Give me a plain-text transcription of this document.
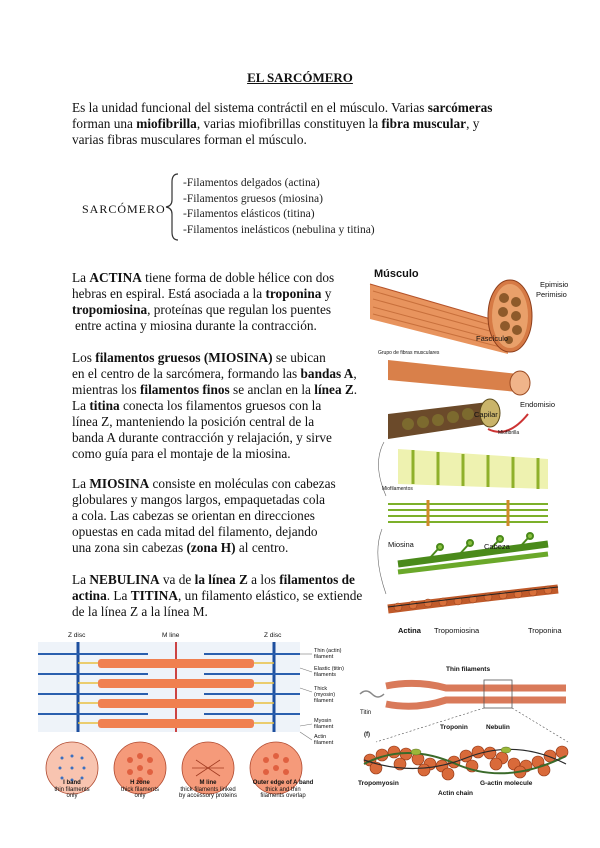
EL SARCÓMERO
Es la unidad funcional del sistema contráctil en el músculo. Varias sarcómeras
forman una miofibrilla, varias miofibrillas constituyen la fibra muscular, y
varias fibras musculares forman el músculo.
SARCÓMERO
-Filamentos delgados (actina)
-Filamentos gruesos (miosina)
-Filamentos elásticos (titina)
-Filamentos inelásticos (nebulina y titina)
La ACTINA tiene forma de doble hélice con dos
hebras en espiral. Está asociada a la troponina y
tropomiosina, proteínas que regulan los puentes
entre actina y miosina durante la contracción.
Los filamentos gruesos (MIOSINA) se ubican
en el centro de la sarcómera, formando las bandas A,
mientras los filamentos finos se anclan en la línea Z.
La titina conecta los filamentos gruesos con la
línea Z, manteniendo la posición central de la
banda A durante contracción y relajación, y sirve
como guía para el montaje de la miosina.
La MIOSINA consiste en moléculas con cabezas
globulares y mangos largos, empaquetadas cola
a cola. Las cabezas se orientan en direcciones
opuestas en cada mitad del filamento, dejando
una zona sin cabezas (zona H) al centro.
La NEBULINA va de la línea Z a los filamentos de
actina. La TITINA, un filamento elástico, se extiende
de la línea Z a la línea M.
Músculo
Epimisio
Perimisio
Fascículo
Grupo de fibras musculares
Endomisio
Capilar
Miofibrilla
Miofilamentos
Miosina	Cabeza
Actina Tropomiosina	Troponina
Z disc	M line	Z disc
Thin (actin)
filament
Elastic (titin)
filaments
Thick
(myosin)
filament
Myosin
filament
Actin
filament
I band
thin filaments
only
H zone
thick filaments
only
M line
thick filaments linked
by accessory proteins
Outer edge of A band
thick and thin
filaments overlap
Thin filaments
Titin
(f)
Troponin	Nebulin
Tropomyosin	G-actin molecule
Actin chain
